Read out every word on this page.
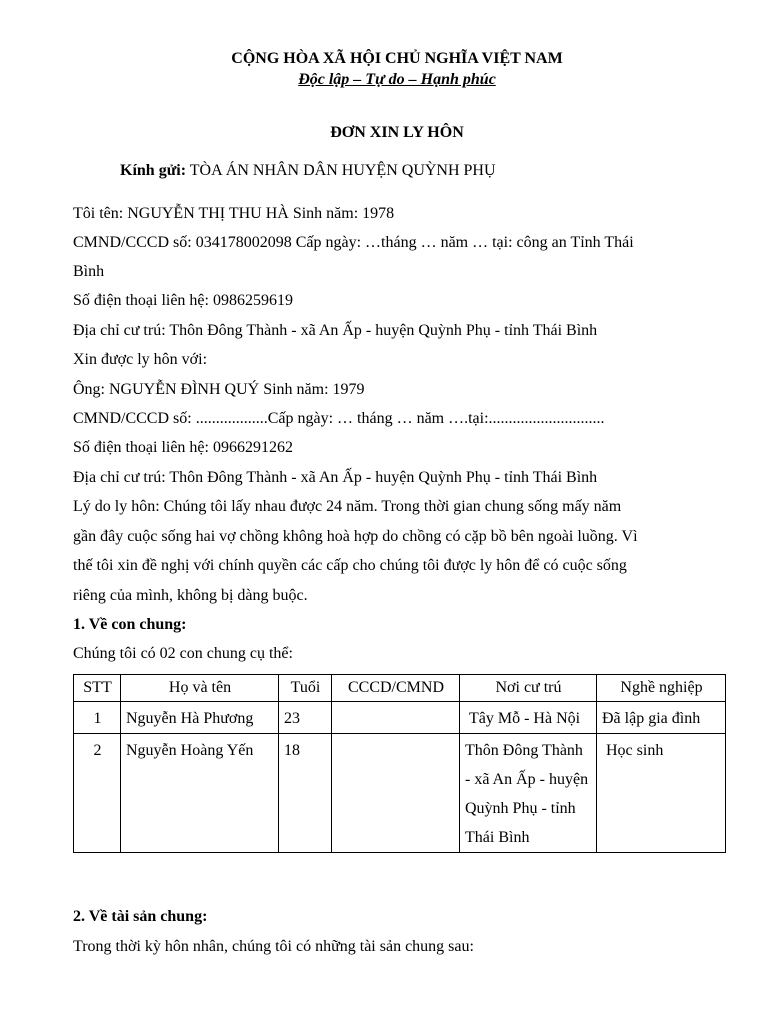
CỘNG HÒA XÃ HỘI CHỦ NGHĨA VIỆT NAM
Độc lập – Tự do – Hạnh phúc
ĐƠN XIN LY HÔN
Kính gửi: TÒA ÁN NHÂN DÂN HUYỆN QUỲNH PHỤ
Tôi tên: NGUYỄN THỊ THU HÀ Sinh năm: 1978
CMND/CCCD số: 034178002098 Cấp ngày: …tháng … năm … tại: công an Tỉnh Thái
Bình
Số điện thoại liên hệ: 0986259619
Địa chỉ cư trú: Thôn Đông Thành - xã An Ấp - huyện Quỳnh Phụ - tỉnh Thái Bình
Xin được ly hôn với:
Ông: NGUYỄN ĐÌNH QUÝ Sinh năm: 1979
CMND/CCCD số: ..................Cấp ngày: … tháng … năm ….tại:.............................
Số điện thoại liên hệ: 0966291262
Địa chỉ cư trú: Thôn Đông Thành - xã An Ấp - huyện Quỳnh Phụ - tỉnh Thái Bình
Lý do ly hôn: Chúng tôi lấy nhau được 24 năm. Trong thời gian chung sống mấy năm
gần đây cuộc sống hai vợ chồng không hoà hợp do chồng có cặp bồ bên ngoài luồng. Vì
thế tôi xin đề nghị với chính quyền các cấp cho chúng tôi được ly hôn để có cuộc sống
riêng của mình, không bị dàng buộc.
1. Về con chung:
Chúng tôi có 02 con chung cụ thể:
STT	Họ và tên	Tuổi	CCCD/CMND	Nơi cư trú	Nghề nghiệp
1	Nguyễn Hà Phương	23		Tây Mỗ - Hà Nội	Đã lập gia đình
2	Nguyễn Hoàng Yến	18		Thôn Đông Thành - xã An Ấp - huyện Quỳnh Phụ - tỉnh Thái Bình	Học sinh
2. Về tài sản chung:
Trong thời kỳ hôn nhân, chúng tôi có những tài sản chung sau:
